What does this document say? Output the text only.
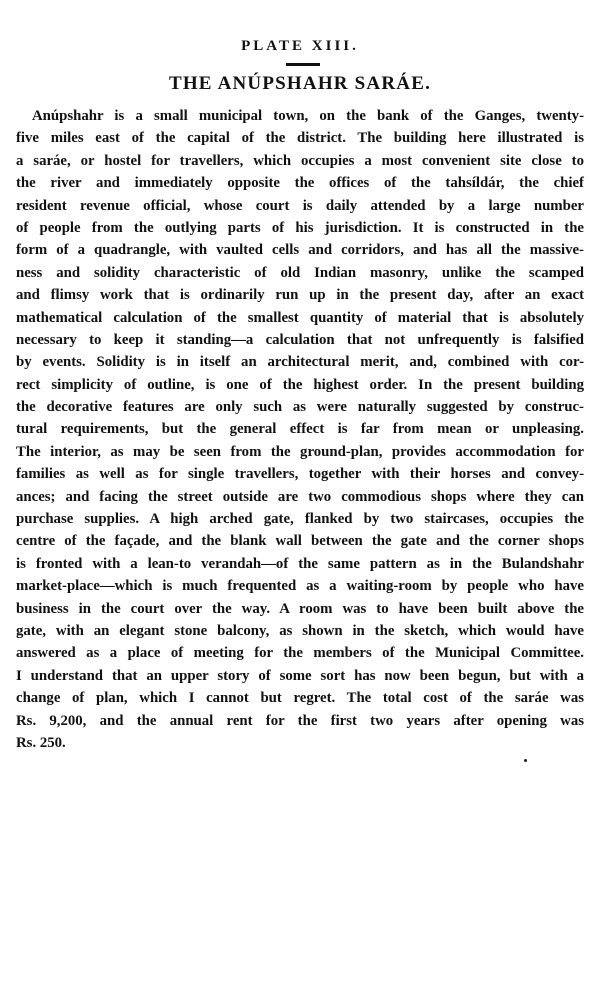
PLATE XIII.
THE ANÚPSHAHR SARÁE.
Anúpshahr is a small municipal town, on the bank of the Ganges, twenty-
five miles east of the capital of the district. The building here illustrated is
a saráe, or hostel for travellers, which occupies a most convenient site close to
the river and immediately opposite the offices of the tahsíldár, the chief
resident revenue official, whose court is daily attended by a large number
of people from the outlying parts of his jurisdiction. It is constructed in the
form of a quadrangle, with vaulted cells and corridors, and has all the massive-
ness and solidity characteristic of old Indian masonry, unlike the scamped
and flimsy work that is ordinarily run up in the present day, after an exact
mathematical calculation of the smallest quantity of material that is absolutely
necessary to keep it standing—a calculation that not unfrequently is falsified
by events. Solidity is in itself an architectural merit, and, combined with cor-
rect simplicity of outline, is one of the highest order. In the present building
the decorative features are only such as were naturally suggested by construc-
tural requirements, but the general effect is far from mean or unpleasing.
The interior, as may be seen from the ground-plan, provides accommodation for
families as well as for single travellers, together with their horses and convey-
ances; and facing the street outside are two commodious shops where they can
purchase supplies. A high arched gate, flanked by two staircases, occupies the
centre of the façade, and the blank wall between the gate and the corner shops
is fronted with a lean-to verandah—of the same pattern as in the Bulandshahr
market-place—which is much frequented as a waiting-room by people who have
business in the court over the way. A room was to have been built above the
gate, with an elegant stone balcony, as shown in the sketch, which would have
answered as a place of meeting for the members of the Municipal Committee.
I understand that an upper story of some sort has now been begun, but with a
change of plan, which I cannot but regret. The total cost of the saráe was
Rs. 9,200, and the annual rent for the first two years after opening was
Rs. 250.
